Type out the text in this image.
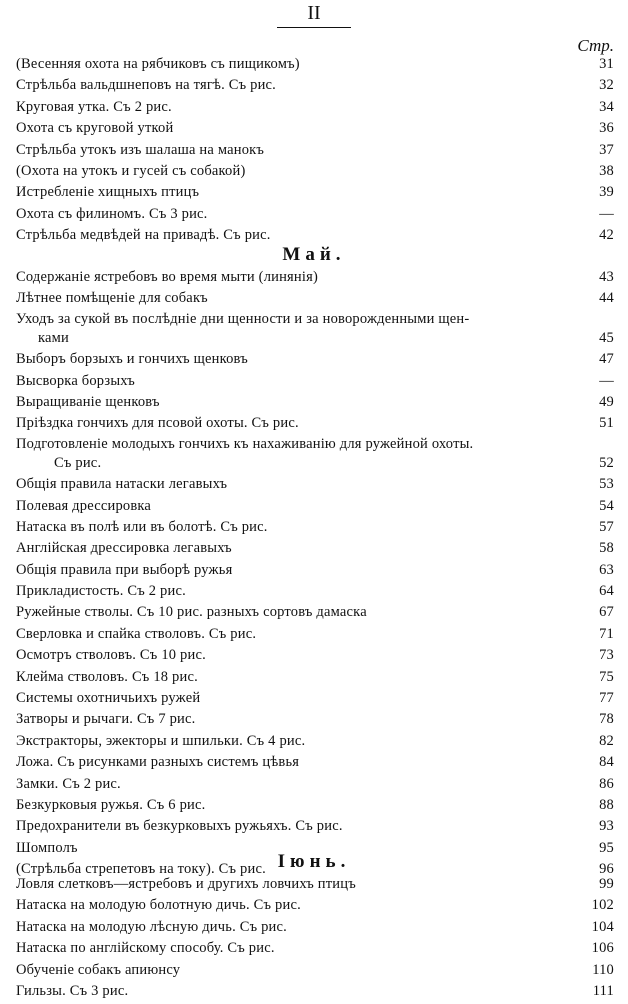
II
Стр.
(Весенняя охота на рябчиковъ съ пищикомъ)	31
Стрѣльба вальдшнеповъ на тягѣ. Съ рис.	32
Круговая утка. Съ 2 рис.	34
Охота съ круговой уткой	36
Стрѣльба утокъ изъ шалаша на манокъ	37
(Охота на утокъ и гусей съ собакой)	38
Истребленіе хищныхъ птицъ	39
Охота съ филиномъ. Съ 3 рис.	—
Стрѣльба медвѣдей на привадѣ. Съ рис.	42
Май.
Содержаніе ястребовъ во время мыти (линянія)	43
Лѣтнее помѣщеніе для собакъ	44
Уходъ за сукой въ послѣдніе дни щенности и за новорожденными щен-
ками	45
Выборъ борзыхъ и гончихъ щенковъ	47
Высворка борзыхъ	—
Выращиваніе щенковъ	49
Пріѣздка гончихъ для псовой охоты. Съ рис.	51
Подготовленіе молодыхъ гончихъ къ нахаживанію для ружейной охоты.
Съ рис.	52
Общія правила натаски легавыхъ	53
Полевая дрессировка	54
Натаска въ полѣ или въ болотѣ. Съ рис.	57
Англійская дрессировка легавыхъ	58
Общія правила при выборѣ ружья	63
Прикладистость. Съ 2 рис.	64
Ружейные стволы. Съ 10 рис. разныхъ сортовъ дамаска	67
Сверловка и спайка стволовъ. Съ рис.	71
Осмотръ стволовъ. Съ 10 рис.	73
Клейма стволовъ. Съ 18 рис.	75
Системы охотничьихъ ружей	77
Затворы и рычаги. Съ 7 рис.	78
Экстракторы, эжекторы и шпильки. Съ 4 рис.	82
Ложа. Съ рисунками разныхъ системъ цѣвья	84
Замки. Съ 2 рис.	86
Безкурковыя ружья. Съ 6 рис.	88
Предохранители въ безкурковыхъ ружьяхъ. Съ рис.	93
Шомполъ	95
(Стрѣльба стрепетовъ на току). Съ рис.	96
Іюнь.
Ловля слетковъ—ястребовъ и другихъ ловчихъ птицъ	99
Натаска на молодую болотную дичь. Съ рис.	102
Натаска на молодую лѣсную дичь. Съ рис.	104
Натаска по англійскому способу. Съ рис.	106
Обученіе собакъ апиюнсу	110
Гильзы. Съ 3 рис.	111
